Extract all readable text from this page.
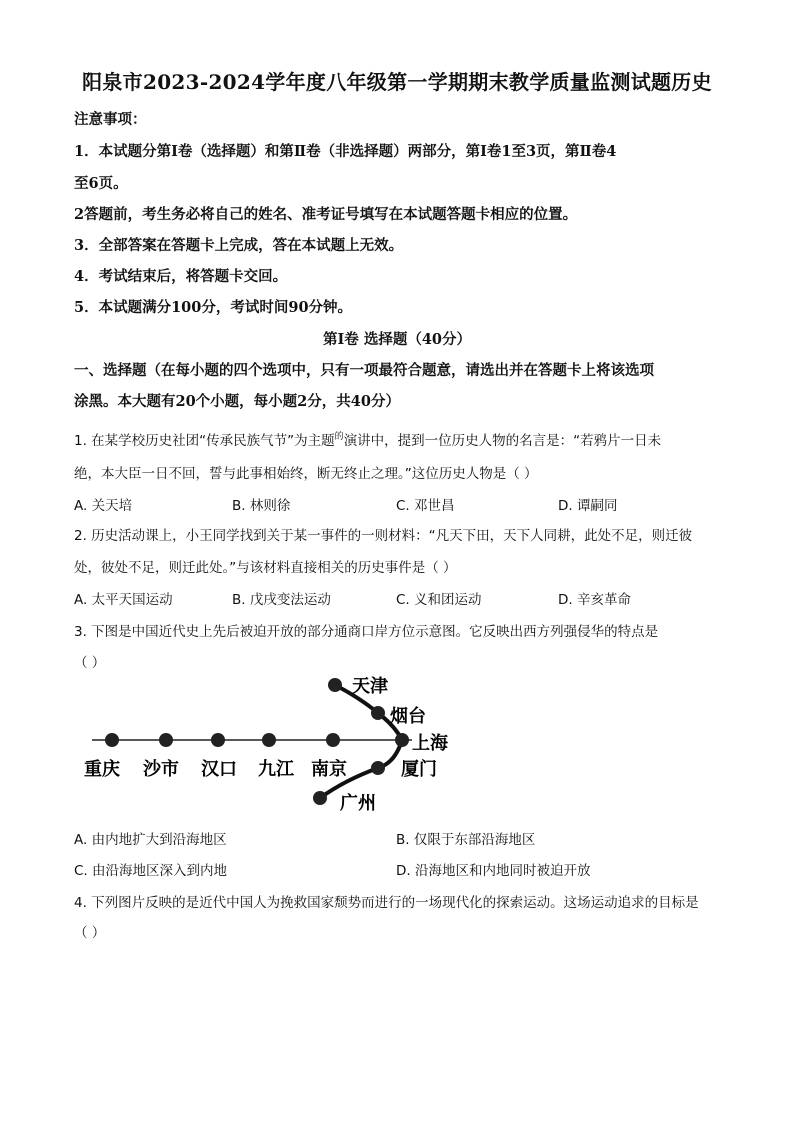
阳泉市2023-2024学年度八年级第一学期期末教学质量监测试题历史
注意事项：
1．本试题分第Ⅰ卷（选择题）和第Ⅱ卷（非选择题）两部分，第Ⅰ卷1至3页，第Ⅱ卷4
至6页。
2答题前，考生务必将自己的姓名、准考证号填写在本试题答题卡相应的位置。
3．全部答案在答题卡上完成，答在本试题上无效。
4．考试结束后，将答题卡交回。
5．本试题满分100分，考试时间90分钟。
第Ⅰ卷 选择题（40分）
一、选择题（在每小题的四个选项中，只有一项最符合题意，请选出并在答题卡上将该选项
涂黑。本大题有20个小题，每小题2分，共40分）
1. 在某学校历史社团“传承民族气节”为主题$^的$演讲中，提到一位历史人物的名言是：“若鸦片一日未
绝，本大臣一日不回，誓与此事相始终，断无终止之理。”这位历史人物是（ ）
A. 关天培	B. 林则徐	C. 邓世昌	D. 谭嗣同
2. 历史活动课上，小王同学找到关于某一事件的一则材料：“凡天下田，天下人同耕，此处不足，则迁彼
处，彼处不足，则迁此处。”与该材料直接相关的历史事件是（ ）
A. 太平天国运动	B. 戊戌变法运动	C. 义和团运动	D. 辛亥革命
3. 下图是中国近代史上先后被迫开放的部分通商口岸方位示意图。它反映出西方列强侵华的特点是
（ ）
重庆 沙市 汉口 九江 南京
天津
烟台
上海
厦门
广州
A. 由内地扩大到沿海地区	B. 仅限于东部沿海地区
C. 由沿海地区深入到内地	D. 沿海地区和内地同时被迫开放
4. 下列图片反映的是近代中国人为挽救国家颓势而进行的一场现代化的探索运动。这场运动追求的目标是
（ ）
